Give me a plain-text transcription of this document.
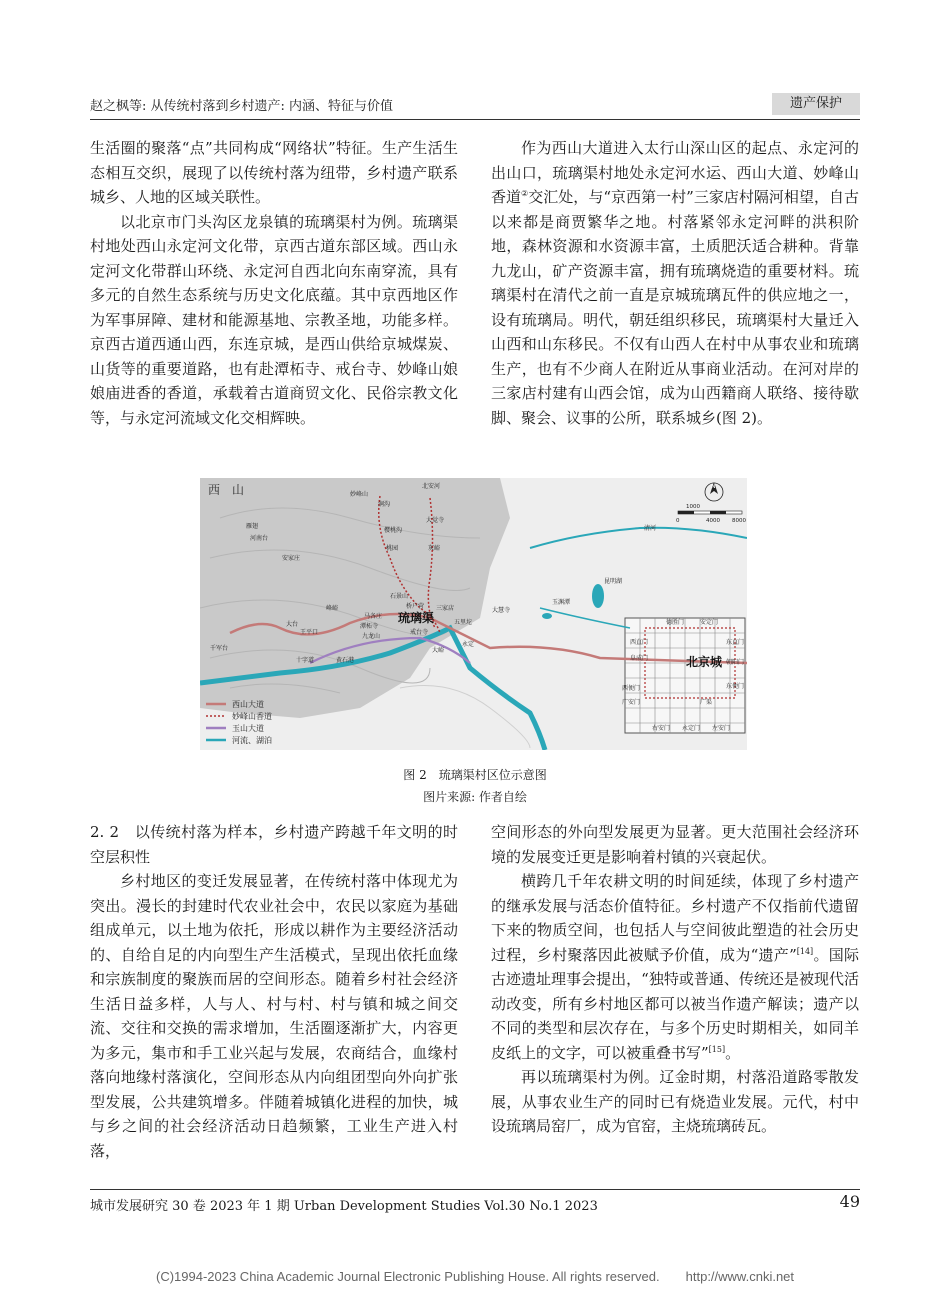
赵之枫等: 从传统村落到乡村遗产: 内涵、特征与价值	遗产保护

生活圈的聚落“点”共同构成“网络状”特征。生产生活生态相互交织，展现了以传统村落为纽带，乡村遗产联系城乡、人地的区域关联性。

以北京市门头沟区龙泉镇的琉璃渠村为例。琉璃渠村地处西山永定河文化带，京西古道东部区域。西山永定河文化带群山环绕、永定河自西北向东南穿流，具有多元的自然生态系统与历史文化底蕴。其中京西地区作为军事屏障、建材和能源基地、宗教圣地，功能多样。京西古道西通山西，东连京城，是西山供给京城煤炭、山货等的重要道路，也有赴潭柘寺、戒台寺、妙峰山娘娘庙进香的香道，承载着古道商贸文化、民俗宗教文化等，与永定河流域文化交相辉映。

作为西山大道进入太行山深山区的起点、永定河的出山口，琉璃渠村地处永定河水运、西山大道、妙峰山香道②交汇处，与“京西第一村”三家店村隔河相望，自古以来都是商贾繁华之地。村落紧邻永定河畔的洪积阶地，森林资源和水资源丰富，土质肥沃适合耕种。背靠九龙山，矿产资源丰富，拥有琉璃烧造的重要材料。琉璃渠村在清代之前一直是京城琉璃瓦件的供应地之一，设有琉璃局。明代，朝廷组织移民，琉璃渠村大量迁入山西和山东移民。不仅有山西人在村中从事农业和琉璃生产，也有不少商人在附近从事商业活动。在河对岸的三家店村建有山西会馆，成为山西籍商人联络、接待歇脚、聚会、议事的公所，联系城乡(图 2)。

西　山
琉璃渠
北京城
妙峰山
北安河
大觉寺
涧沟
樱桃沟
桃园	灰峪
潭柘寺
戒台寺
三家店
五里坨
大慧寺
石景山
九龙山
十字道	黄石港
大台
王平口
千军台
雁翅
河南台
安家庄
峰峪
马各庄
桥户营
大峪
永定
昆明湖
清河
玉渊潭
德胜门	安定门
西直门
阜成门
西便门
广安门
右安门 永定门 左安门
东直门
朝阳门
东便门
广渠
N
0
1000
4000 8000
西山大道
妙峰山香道
玉山大道
河流、湖泊
图 2　琉璃渠村区位示意图
图片来源: 作者自绘

2. 2　以传统村落为样本，乡村遗产跨越千年文明的时空层积性

乡村地区的变迁发展显著，在传统村落中体现尤为突出。漫长的封建时代农业社会中，农民以家庭为基础组成单元，以土地为依托，形成以耕作为主要经济活动的、自给自足的内向型生产生活模式，呈现出依托血缘和宗族制度的聚族而居的空间形态。随着乡村社会经济生活日益多样，人与人、村与村、村与镇和城之间交流、交往和交换的需求增加，生活圈逐渐扩大，内容更为多元，集市和手工业兴起与发展，农商结合，血缘村落向地缘村落演化，空间形态从内向组团型向外向扩张型发展，公共建筑增多。伴随着城镇化进程的加快，城与乡之间的社会经济活动日趋频繁，工业生产进入村落，

空间形态的外向型发展更为显著。更大范围社会经济环境的发展变迁更是影响着村镇的兴衰起伏。

横跨几千年农耕文明的时间延续，体现了乡村遗产的继承发展与活态价值特征。乡村遗产不仅指前代遗留下来的物质空间，也包括人与空间彼此塑造的社会历史过程，乡村聚落因此被赋予价值，成为“遗产”[14]。国际古迹遗址理事会提出，“独特或普通、传统还是被现代活动改变，所有乡村地区都可以被当作遗产解读；遗产以不同的类型和层次存在，与多个历史时期相关，如同羊皮纸上的文字，可以被重叠书写”[15]。

再以琉璃渠村为例。辽金时期，村落沿道路零散发展，从事农业生产的同时已有烧造业发展。元代，村中设琉璃局窑厂，成为官窑，主烧琉璃砖瓦。

城市发展研究 30 卷 2023 年 1 期 Urban Development Studies Vol.30 No.1 2023	49
(C)1994-2023 China Academic Journal Electronic Publishing House. All rights reserved.　　http://www.cnki.net
